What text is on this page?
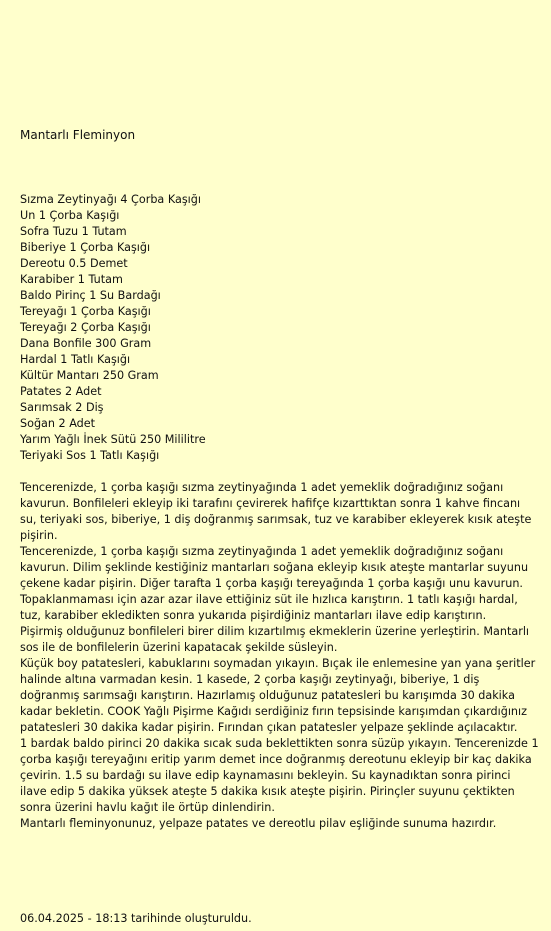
Mantarlı Fleminyon
Sızma Zeytinyağı 4 Çorba Kaşığı
Un 1 Çorba Kaşığı
Sofra Tuzu 1 Tutam
Biberiye 1 Çorba Kaşığı
Dereotu 0.5 Demet
Karabiber 1 Tutam
Baldo Pirinç 1 Su Bardağı
Tereyağı 1 Çorba Kaşığı
Tereyağı 2 Çorba Kaşığı
Dana Bonfile 300 Gram
Hardal 1 Tatlı Kaşığı
Kültür Mantarı 250 Gram
Patates 2 Adet
Sarımsak 2 Diş
Soğan 2 Adet
Yarım Yağlı İnek Sütü 250 Mililitre
Teriyaki Sos 1 Tatlı Kaşığı

Tencerenizde, 1 çorba kaşığı sızma zeytinyağında 1 adet yemeklik doğradığınız soğanı kavurun. Bonfileleri ekleyip iki tarafını çevirerek hafifçe kızarttıktan sonra 1 kahve fincanı su, teriyaki sos, biberiye, 1 diş doğranmış sarımsak, tuz ve karabiber ekleyerek kısık ateşte pişirin.

Tencerenizde, 1 çorba kaşığı sızma zeytinyağında 1 adet yemeklik doğradığınız soğanı kavurun. Dilim şeklinde kestiğiniz mantarları soğana ekleyip kısık ateşte mantarlar suyunu çekene kadar pişirin. Diğer tarafta 1 çorba kaşığı tereyağında 1 çorba kaşığı unu kavurun. Topaklanmaması için azar azar ilave ettiğiniz süt ile hızlıca karıştırın. 1 tatlı kaşığı hardal, tuz, karabiber ekledikten sonra yukarıda pişirdiğiniz mantarları ilave edip karıştırın.

Pişirmiş olduğunuz bonfileleri birer dilim kızartılmış ekmeklerin üzerine yerleştirin. Mantarlı sos ile de bonfilelerin üzerini kapatacak şekilde süsleyin.

Küçük boy patatesleri, kabuklarını soymadan yıkayın. Bıçak ile enlemesine yan yana şeritler halinde altına varmadan kesin. 1 kasede, 2 çorba kaşığı zeytinyağı, biberiye, 1 diş doğranmış sarımsağı karıştırın. Hazırlamış olduğunuz patatesleri bu karışımda 30 dakika kadar bekletin. COOK Yağlı Pişirme Kağıdı serdiğiniz fırın tepsisinde karışımdan çıkardığınız patatesleri 30 dakika kadar pişirin. Fırından çıkan patatesler yelpaze şeklinde açılacaktır.

1 bardak baldo pirinci 20 dakika sıcak suda beklettikten sonra süzüp yıkayın. Tencerenizde 1 çorba kaşığı tereyağını eritip yarım demet ince doğranmış dereotunu ekleyip bir kaç dakika çevirin. 1.5 su bardağı su ilave edip kaynamasını bekleyin. Su kaynadıktan sonra pirinci ilave edip 5 dakika yüksek ateşte 5 dakika kısık ateşte pişirin. Pirinçler suyunu çektikten sonra üzerini havlu kağıt ile örtüp dinlendirin.

Mantarlı fleminyonunuz, yelpaze patates ve dereotlu pilav eşliğinde sunuma hazırdır.

06.04.2025 - 18:13 tarihinde oluşturuldu.
